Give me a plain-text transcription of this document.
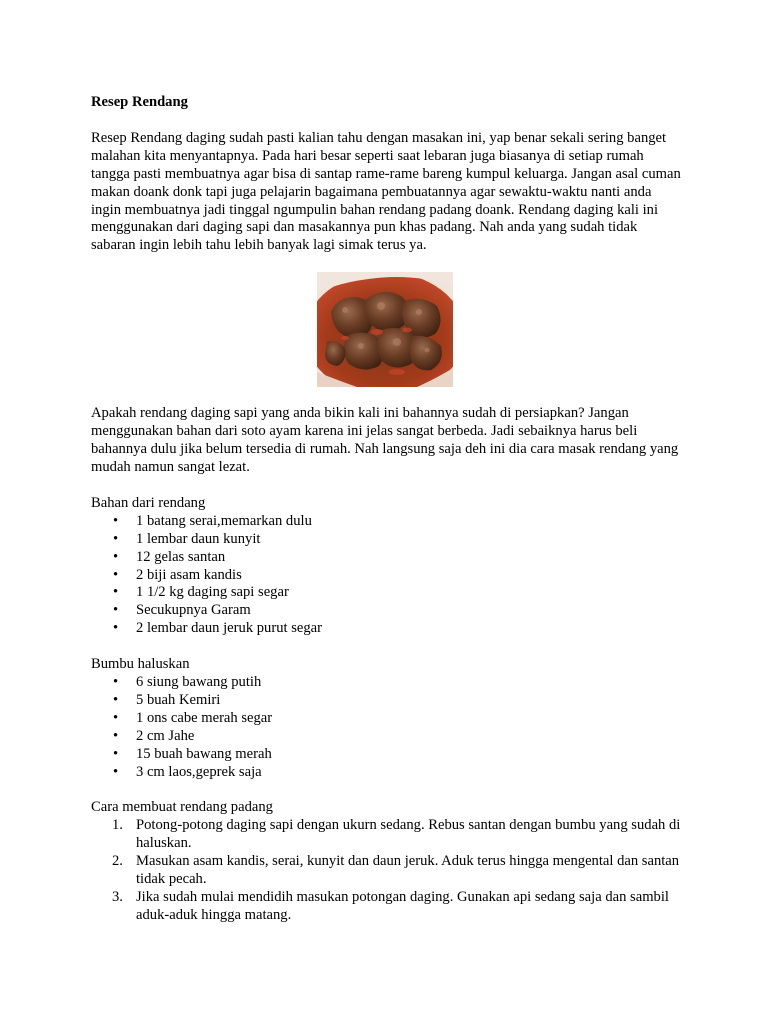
Resep Rendang

Resep Rendang daging sudah pasti kalian tahu dengan masakan ini, yap benar sekali sering banget malahan kita menyantapnya. Pada hari besar seperti saat lebaran juga biasanya di setiap rumah tangga pasti membuatnya agar bisa di santap rame-rame bareng kumpul keluarga. Jangan asal cuman makan doank donk tapi juga pelajarin bagaimana pembuatannya agar sewaktu-waktu nanti anda ingin membuatnya jadi tinggal ngumpulin bahan rendang padang doank. Rendang daging kali ini menggunakan dari daging sapi dan masakannya pun khas padang. Nah anda yang sudah tidak sabaran ingin lebih tahu lebih banyak lagi simak terus ya.

Apakah rendang daging sapi yang anda bikin kali ini bahannya sudah di persiapkan? Jangan menggunakan bahan dari soto ayam karena ini jelas sangat berbeda. Jadi sebaiknya harus beli bahannya dulu jika belum tersedia di rumah. Nah langsung saja deh ini dia cara masak rendang yang mudah namun sangat lezat.

Bahan dari rendang

• 1 batang serai,memarkan dulu
• 1 lembar daun kunyit
• 12 gelas santan
• 2 biji asam kandis
• 1 1/2 kg daging sapi segar
• Secukupnya Garam
• 2 lembar daun jeruk purut segar

Bumbu haluskan

• 6 siung bawang putih
• 5 buah Kemiri
• 1 ons cabe merah segar
• 2 cm Jahe
• 15 buah bawang merah
• 3 cm laos,geprek saja

Cara membuat rendang padang

1. Potong-potong daging sapi dengan ukurn sedang. Rebus santan dengan bumbu yang sudah di haluskan.
2. Masukan asam kandis, serai, kunyit dan daun jeruk. Aduk terus hingga mengental dan santan tidak pecah.
3. Jika sudah mulai mendidih masukan potongan daging. Gunakan api sedang saja dan sambil aduk-aduk hingga matang.
